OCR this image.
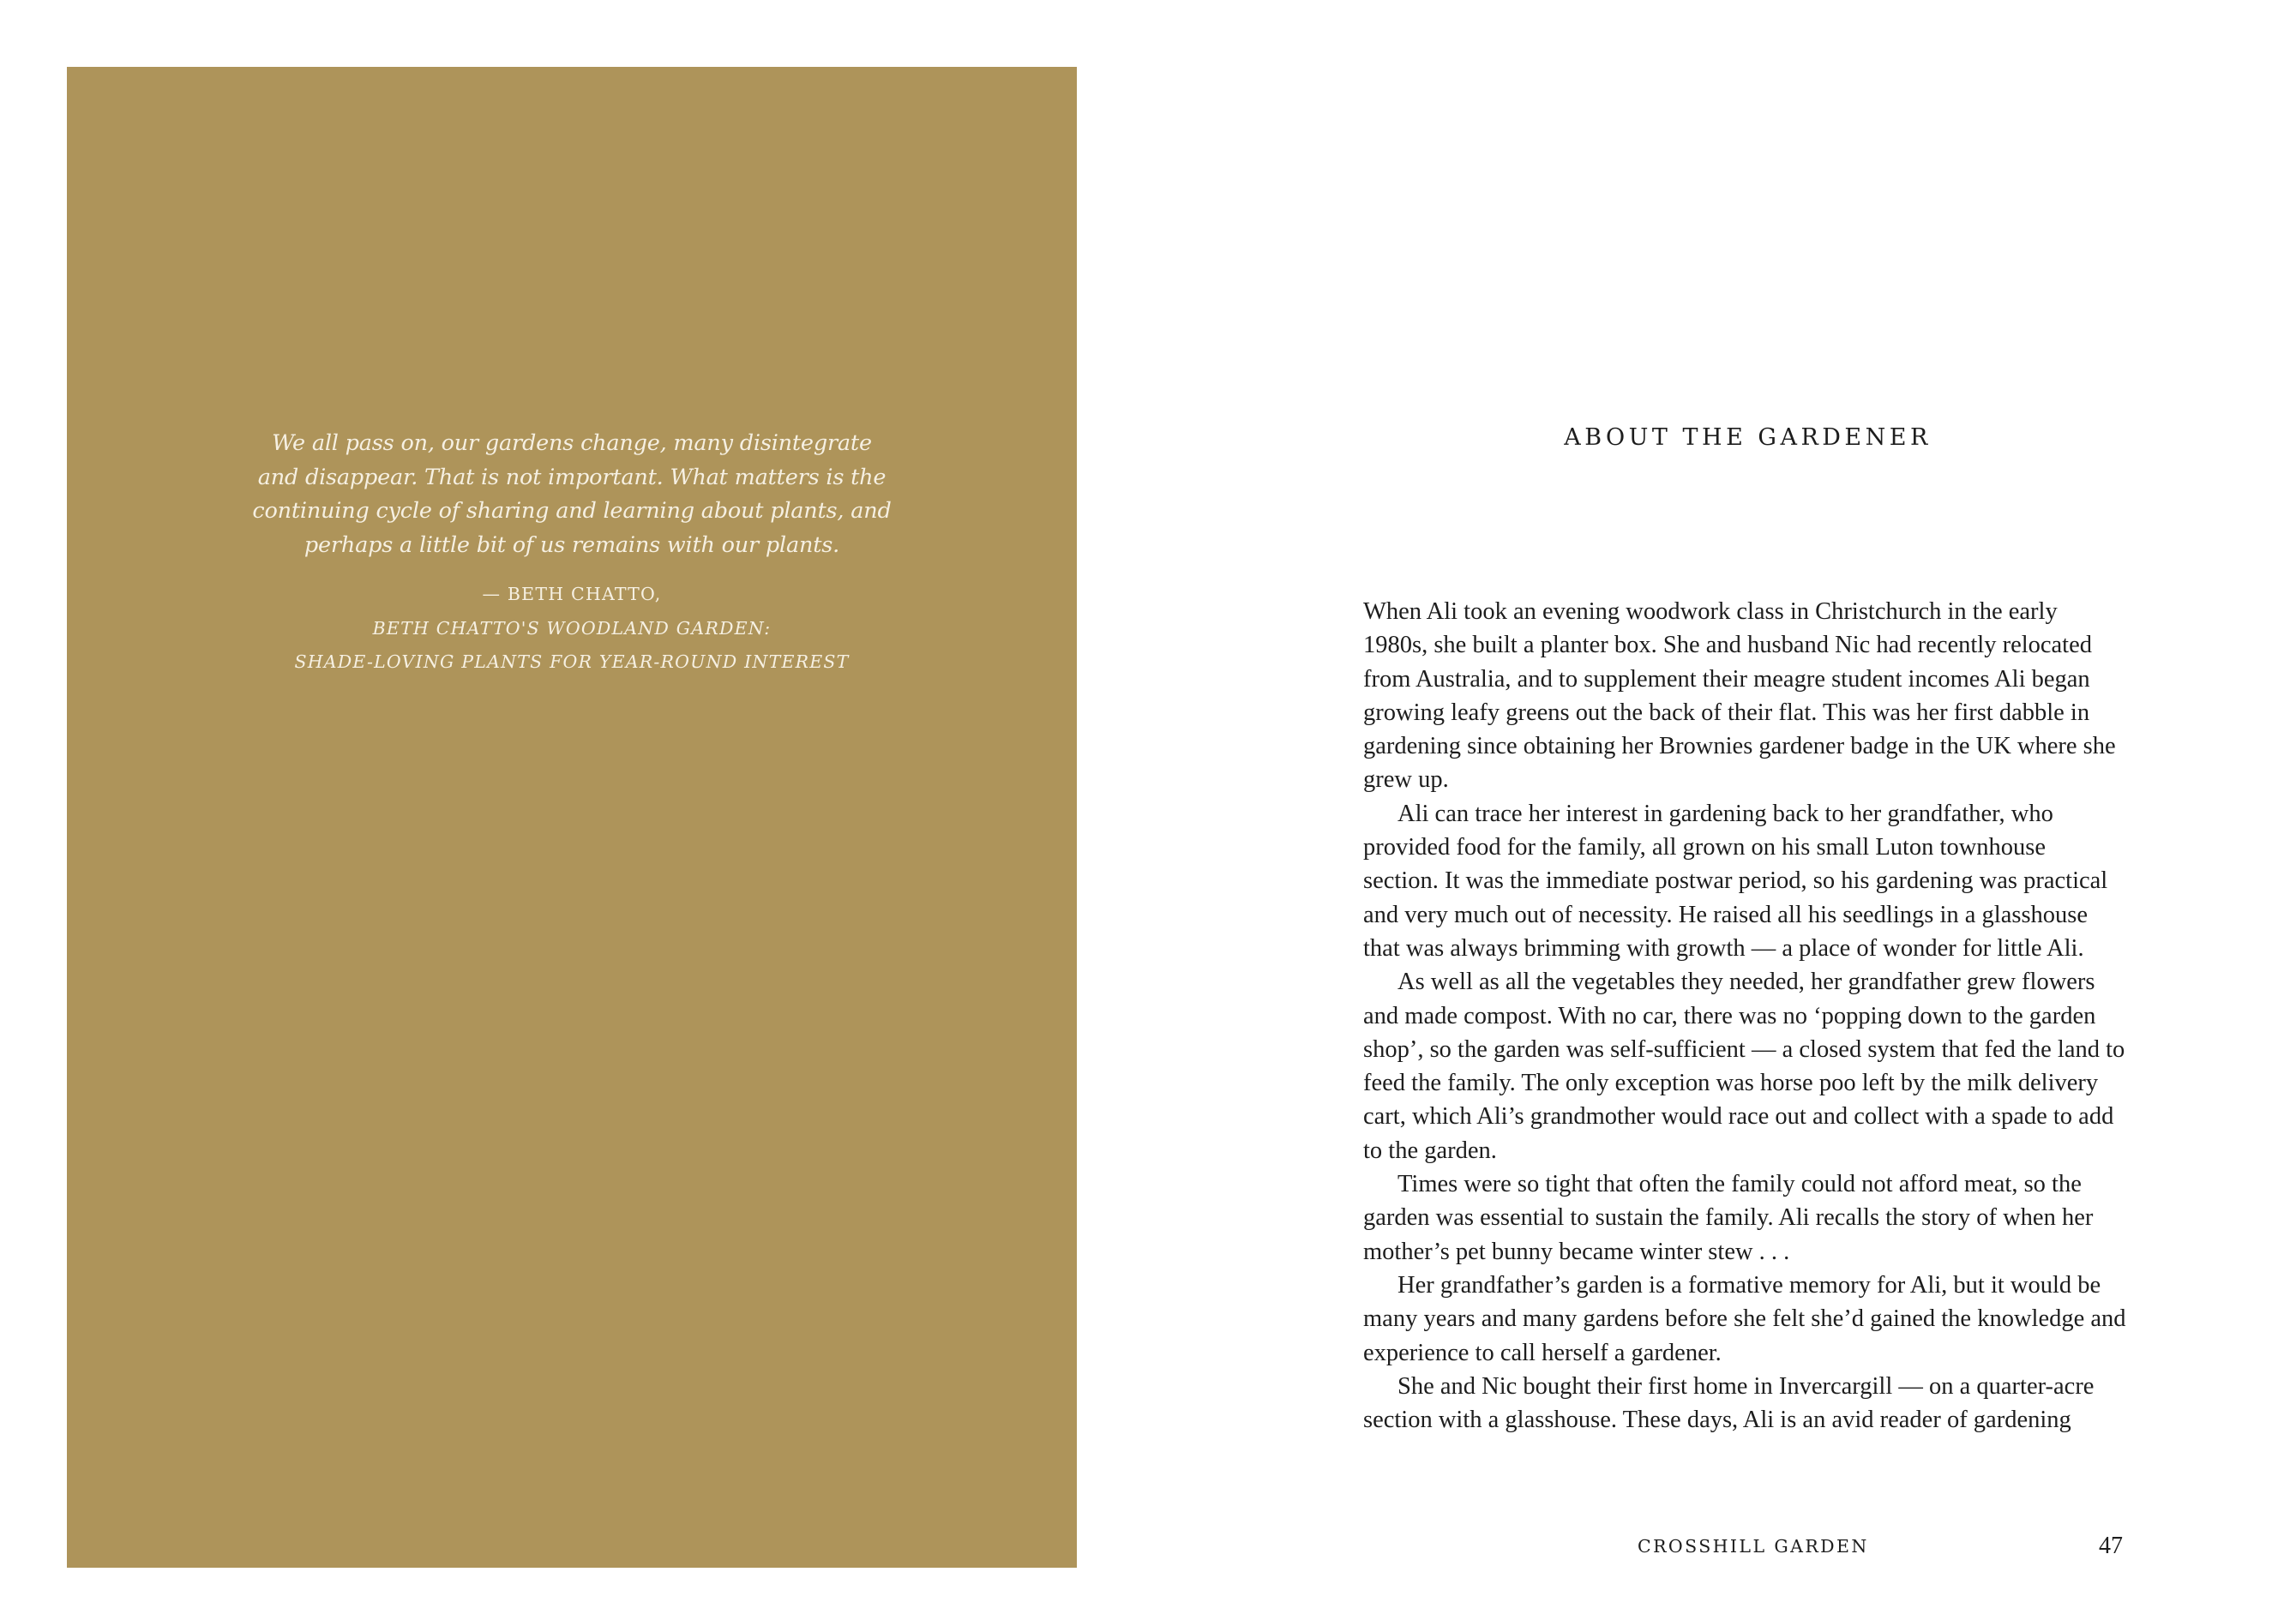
We all pass on, our gardens change, many disintegrate
and disappear. That is not important. What matters is the
continuing cycle of sharing and learning about plants, and
perhaps a little bit of us remains with our plants.
— BETH CHATTO,
BETH CHATTO'S WOODLAND GARDEN:
SHADE-LOVING PLANTS FOR YEAR-ROUND INTEREST
ABOUT THE GARDENER
When Ali took an evening woodwork class in Christchurch in the early
1980s, she built a planter box. She and husband Nic had recently relocated
from Australia, and to supplement their meagre student incomes Ali began
growing leafy greens out the back of their flat. This was her first dabble in
gardening since obtaining her Brownies gardener badge in the UK where she
grew up.
Ali can trace her interest in gardening back to her grandfather, who
provided food for the family, all grown on his small Luton townhouse
section. It was the immediate postwar period, so his gardening was practical
and very much out of necessity. He raised all his seedlings in a glasshouse
that was always brimming with growth — a place of wonder for little Ali.
As well as all the vegetables they needed, her grandfather grew flowers
and made compost. With no car, there was no ‘popping down to the garden
shop’, so the garden was self-sufficient — a closed system that fed the land to
feed the family. The only exception was horse poo left by the milk delivery
cart, which Ali’s grandmother would race out and collect with a spade to add
to the garden.
Times were so tight that often the family could not afford meat, so the
garden was essential to sustain the family. Ali recalls the story of when her
mother’s pet bunny became winter stew . . .
Her grandfather’s garden is a formative memory for Ali, but it would be
many years and many gardens before she felt she’d gained the knowledge and
experience to call herself a gardener.
She and Nic bought their first home in Invercargill — on a quarter-acre
section with a glasshouse. These days, Ali is an avid reader of gardening
CROSSHILL GARDEN	47
